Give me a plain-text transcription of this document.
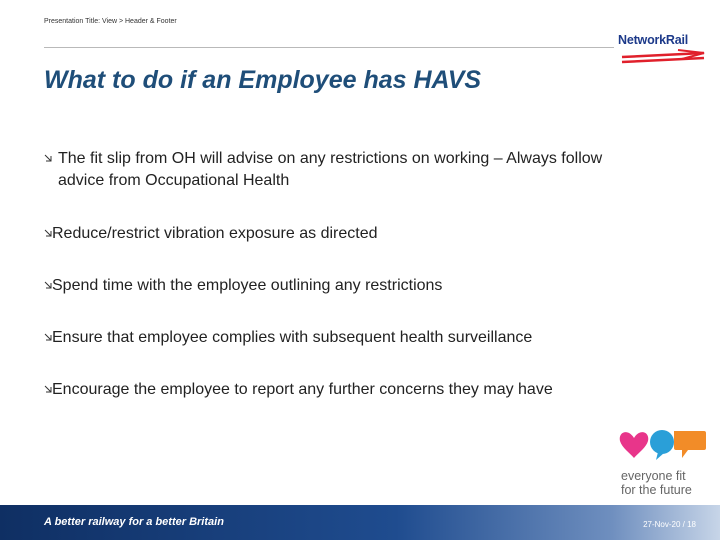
Presentation Title: View > Header & Footer
NetworkRail
What to do if an Employee has HAVS
The fit slip from OH will advise on any restrictions on working – Always follow advice from Occupational Health
Reduce/restrict vibration exposure as directed
Spend time with the employee outlining any restrictions
Ensure that employee complies with subsequent health surveillance
Encourage the employee to report any further concerns they may have
everyone fit
for the future
A better railway for a better Britain	27-Nov-20 / 18
